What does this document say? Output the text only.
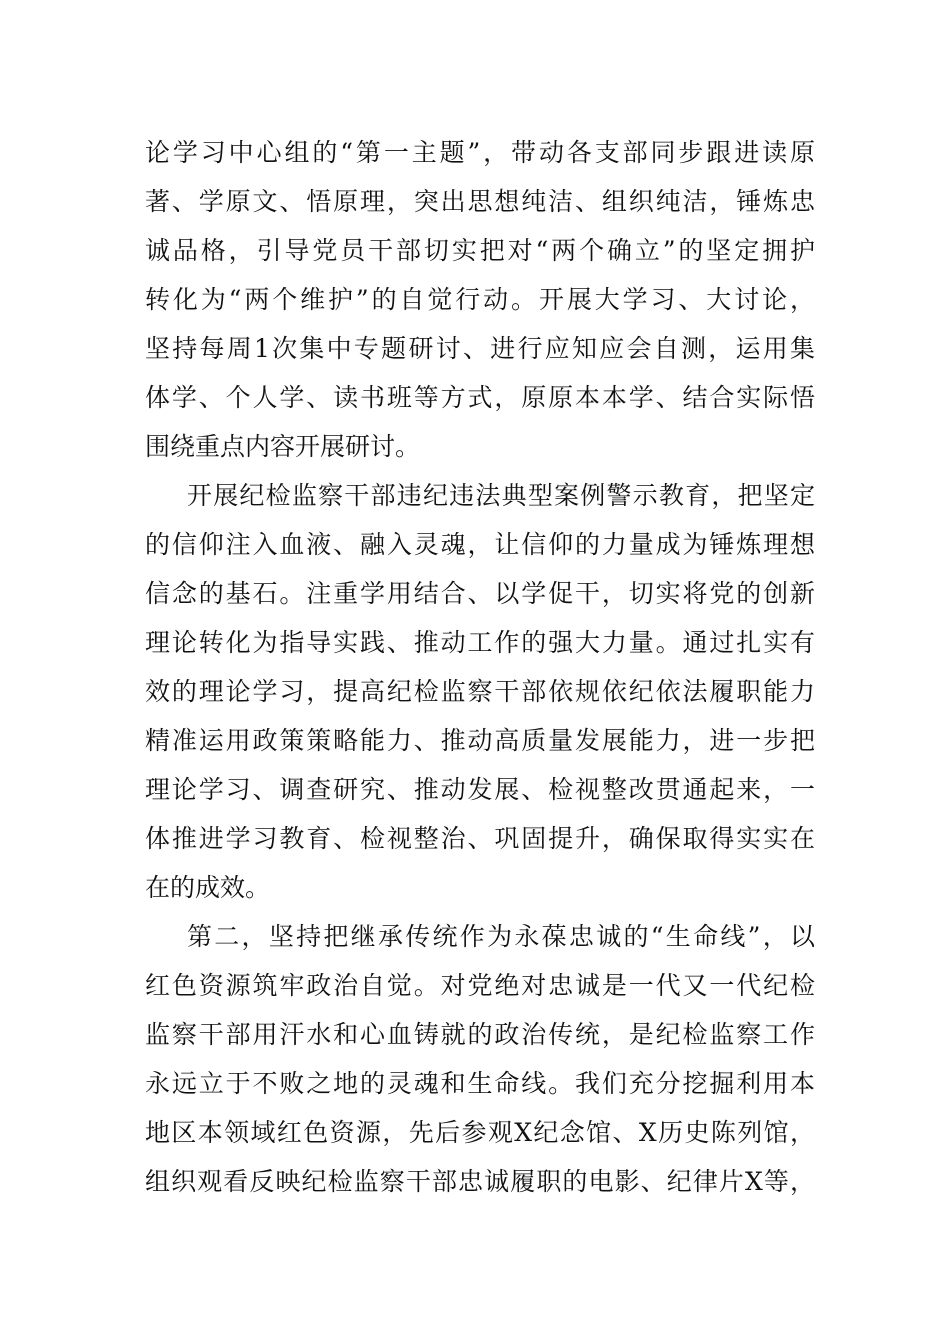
论学习中心组的“第一主题”，带动各支部同步跟进读原
著、学原文、悟原理，突出思想纯洁、组织纯洁，锤炼忠
诚品格，引导党员干部切实把对“两个确立”的坚定拥护
转化为“两个维护”的自觉行动。开展大学习、大讨论，
坚持每周1次集中专题研讨、进行应知应会自测，运用集
体学、个人学、读书班等方式，原原本本学、结合实际悟
围绕重点内容开展研讨。
开展纪检监察干部违纪违法典型案例警示教育，把坚定
的信仰注入血液、融入灵魂，让信仰的力量成为锤炼理想
信念的基石。注重学用结合、以学促干，切实将党的创新
理论转化为指导实践、推动工作的强大力量。通过扎实有
效的理论学习，提高纪检监察干部依规依纪依法履职能力
精准运用政策策略能力、推动高质量发展能力，进一步把
理论学习、调查研究、推动发展、检视整改贯通起来，一
体推进学习教育、检视整治、巩固提升，确保取得实实在
在的成效。
第二，坚持把继承传统作为永葆忠诚的“生命线”，以
红色资源筑牢政治自觉。对党绝对忠诚是一代又一代纪检
监察干部用汗水和心血铸就的政治传统，是纪检监察工作
永远立于不败之地的灵魂和生命线。我们充分挖掘利用本
地区本领域红色资源，先后参观X纪念馆、X历史陈列馆，
组织观看反映纪检监察干部忠诚履职的电影、纪律片X等，
